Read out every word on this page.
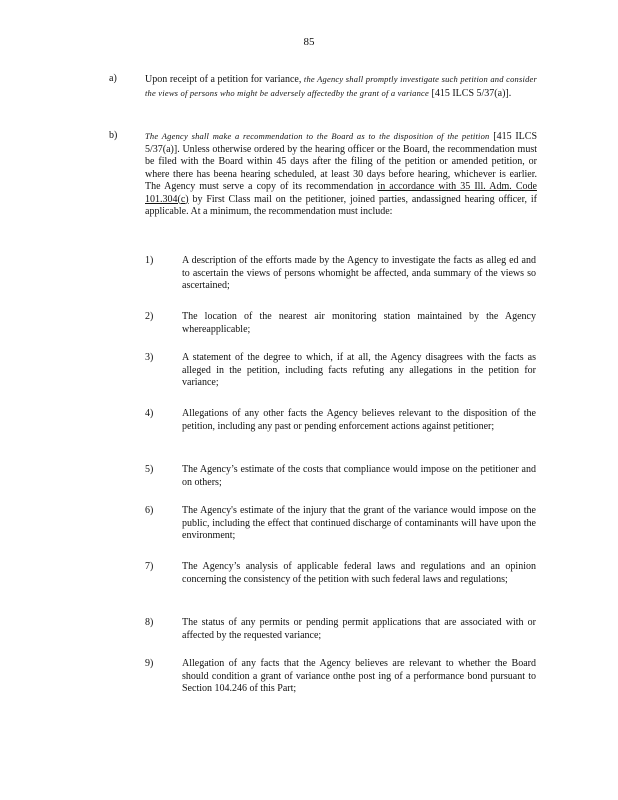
85
a)	Upon receipt of a petition for variance, the Agency shall promptly investigate such petition and consider the views of persons who might be adversely affectedby the grant of a variance [415 ILCS 5/37(a)].
b)	The Agency shall make a recommendation to the Board as to the disposition of the petition [415 ILCS 5/37(a)]. Unless otherwise ordered by the hearing officer or the Board, the recommendation must be filed with the Board within 45 days after the filing of the petition or amended petition, or where there has beena hearing scheduled, at least 30 days before hearing, whichever is earlier. The Agency must serve a copy of its recommendation in accordance with 35 Ill. Adm. Code 101.304(c) by First Class mail on the petitioner, joined parties, andassigned hearing officer, if applicable. At a minimum, the recommendation must include:
1)	A description of the efforts made by the Agency to investigate the facts as alleg ed and to ascertain the views of persons whomight be affected, anda summary of the views so ascertained;
2)	The location of the nearest air monitoring station maintained by the Agency whereapplicable;
3)	A statement of the degree to which, if at all, the Agency disagrees with the facts as alleged in the petition, including facts refuting any allegations in the petition for variance;
4)	Allegations of any other facts the Agency believes relevant to the disposition of the petition, including any past or pending enforcement actions against petitioner;
5)	The Agency’s estimate of the costs that compliance would impose on the petitioner and on others;
6)	The Agency's estimate of the injury that the grant of the variance would impose on the public, including the effect that continued discharge of contaminants will have upon the environment;
7)	The Agency’s analysis of applicable federal laws and regulations and an opinion concerning the consistency of the petition with such federal laws and regulations;
8)	The status of any permits or pending permit applications that are associated with or affected by the requested variance;
9)	Allegation of any facts that the Agency believes are relevant to whether the Board should condition a grant of variance onthe post ing of a performance bond pursuant to Section 104.246 of this Part;
